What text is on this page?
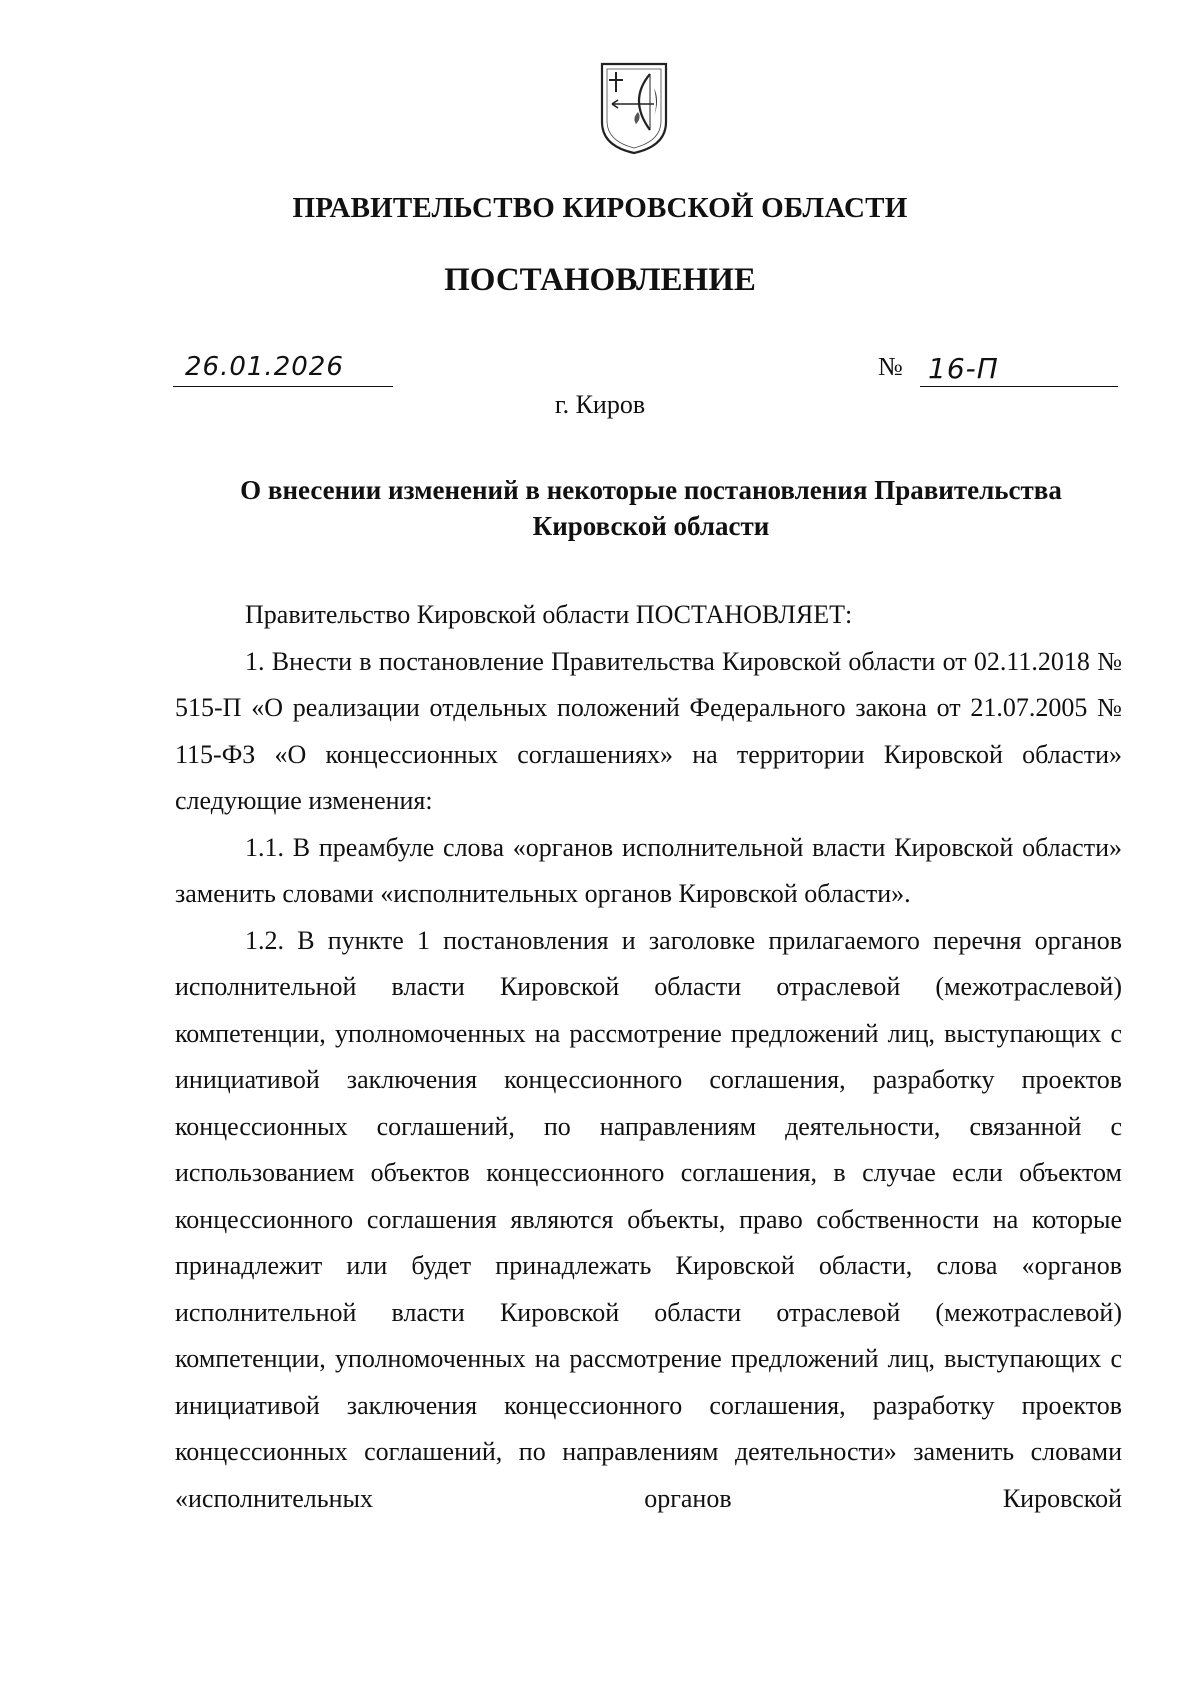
ПРАВИТЕЛЬСТВО КИРОВСКОЙ ОБЛАСТИ
ПОСТАНОВЛЕНИЕ
26.01.2026	№ 16-П
г. Киров
О внесении изменений в некоторые постановления Правительства
Кировской области

Правительство Кировской области ПОСТАНОВЛЯЕТ:

1. Внести в постановление Правительства Кировской области от 02.11.2018 № 515-П «О реализации отдельных положений Федерального закона от 21.07.2005 № 115-ФЗ «О концессионных соглашениях» на территории Кировской области» следующие изменения:

1.1. В преамбуле слова «органов исполнительной власти Кировской области» заменить словами «исполнительных органов Кировской области».

1.2. В пункте 1 постановления и заголовке прилагаемого перечня органов исполнительной власти Кировской области отраслевой (межотраслевой) компетенции, уполномоченных на рассмотрение предложений лиц, выступающих с инициативой заключения концессионного соглашения, разработку проектов концессионных соглашений, по направлениям деятельности, связанной с использованием объектов концессионного соглашения, в случае если объектом концессионного соглашения являются объекты, право собственности на которые принадлежит или будет принадлежать Кировской области, слова «органов исполнительной власти Кировской области отраслевой (межотраслевой) компетенции, уполномоченных на рассмотрение предложений лиц, выступающих с инициативой заключения концессионного соглашения, разработку проектов концессионных соглашений, по направлениям деятельности» заменить словами «исполнительных органов Кировской
